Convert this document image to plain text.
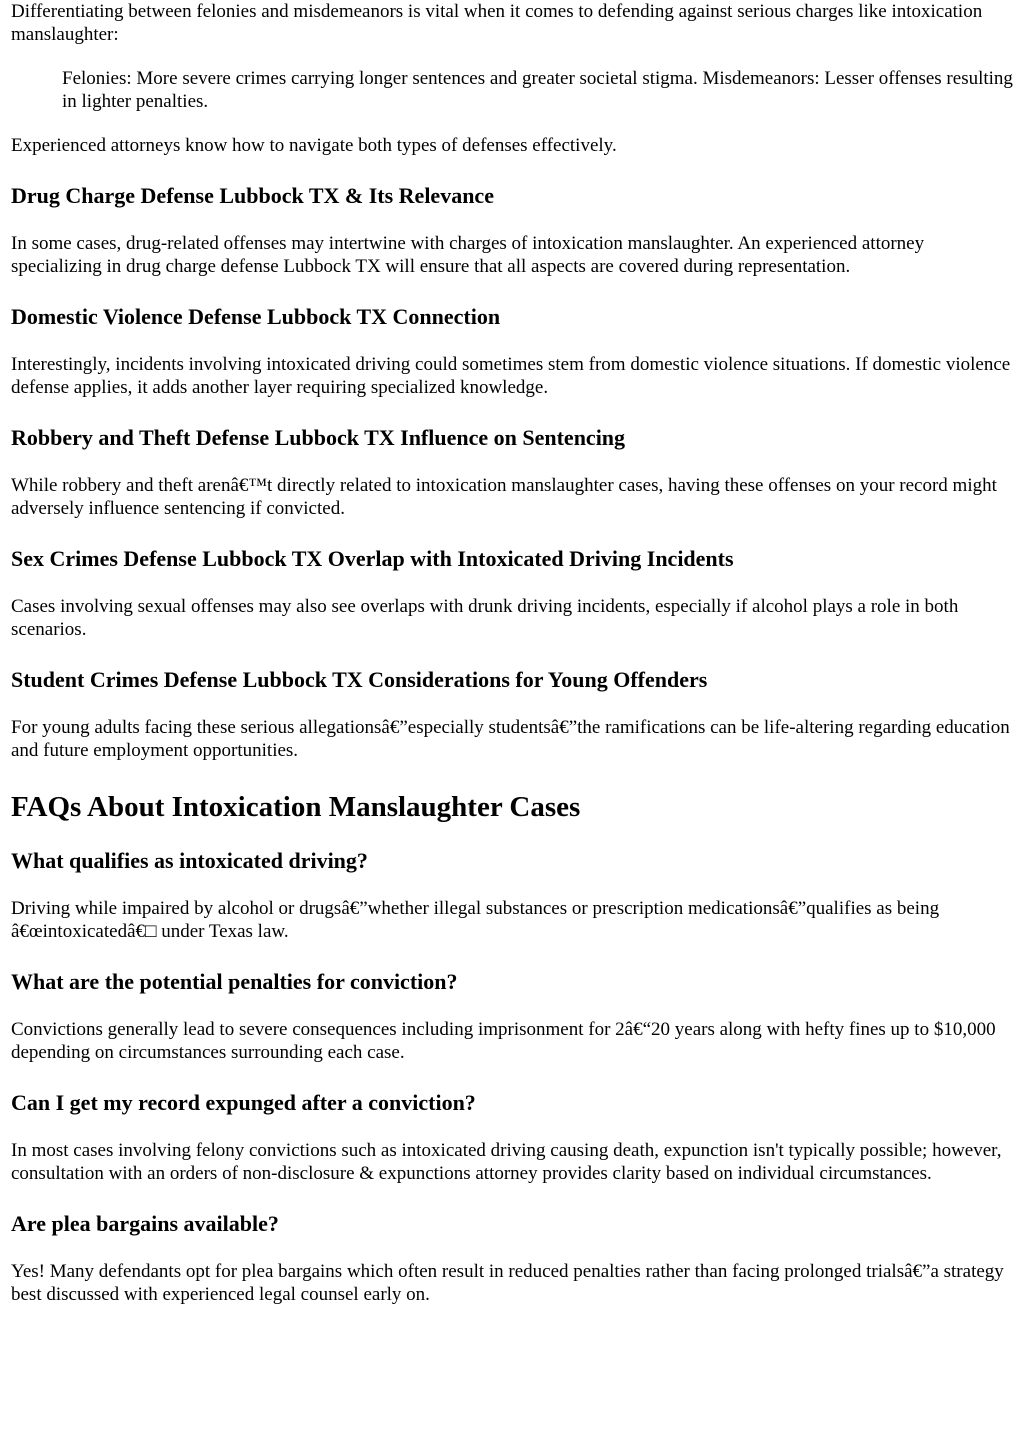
Differentiating between felonies and misdemeanors is vital when it comes to defending against serious charges like intoxication manslaughter:

Felonies: More severe crimes carrying longer sentences and greater societal stigma. Misdemeanors: Lesser offenses resulting in lighter penalties.

Experienced attorneys know how to navigate both types of defenses effectively.

Drug Charge Defense Lubbock TX & Its Relevance

In some cases, drug-related offenses may intertwine with charges of intoxication manslaughter. An experienced attorney specializing in drug charge defense Lubbock TX will ensure that all aspects are covered during representation.

Domestic Violence Defense Lubbock TX Connection

Interestingly, incidents involving intoxicated driving could sometimes stem from domestic violence situations. If domestic violence defense applies, it adds another layer requiring specialized knowledge.

Robbery and Theft Defense Lubbock TX Influence on Sentencing

While robbery and theft arenâ€™t directly related to intoxication manslaughter cases, having these offenses on your record might adversely influence sentencing if convicted.

Sex Crimes Defense Lubbock TX Overlap with Intoxicated Driving Incidents

Cases involving sexual offenses may also see overlaps with drunk driving incidents, especially if alcohol plays a role in both scenarios.

Student Crimes Defense Lubbock TX Considerations for Young Offenders

For young adults facing these serious allegationsâ€”especially studentsâ€”the ramifications can be life-altering regarding education and future employment opportunities.

FAQs About Intoxication Manslaughter Cases
What qualifies as intoxicated driving?

Driving while impaired by alcohol or drugsâ€”whether illegal substances or prescription medicationsâ€”qualifies as being â€œintoxicatedâ€□ under Texas law.

What are the potential penalties for conviction?

Convictions generally lead to severe consequences including imprisonment for 2â€“20 years along with hefty fines up to $10,000 depending on circumstances surrounding each case.

Can I get my record expunged after a conviction?

In most cases involving felony convictions such as intoxicated driving causing death, expunction isn't typically possible; however, consultation with an orders of non-disclosure & expunctions attorney provides clarity based on individual circumstances.

Are plea bargains available?

Yes! Many defendants opt for plea bargains which often result in reduced penalties rather than facing prolonged trialsâ€”a strategy best discussed with experienced legal counsel early on.
